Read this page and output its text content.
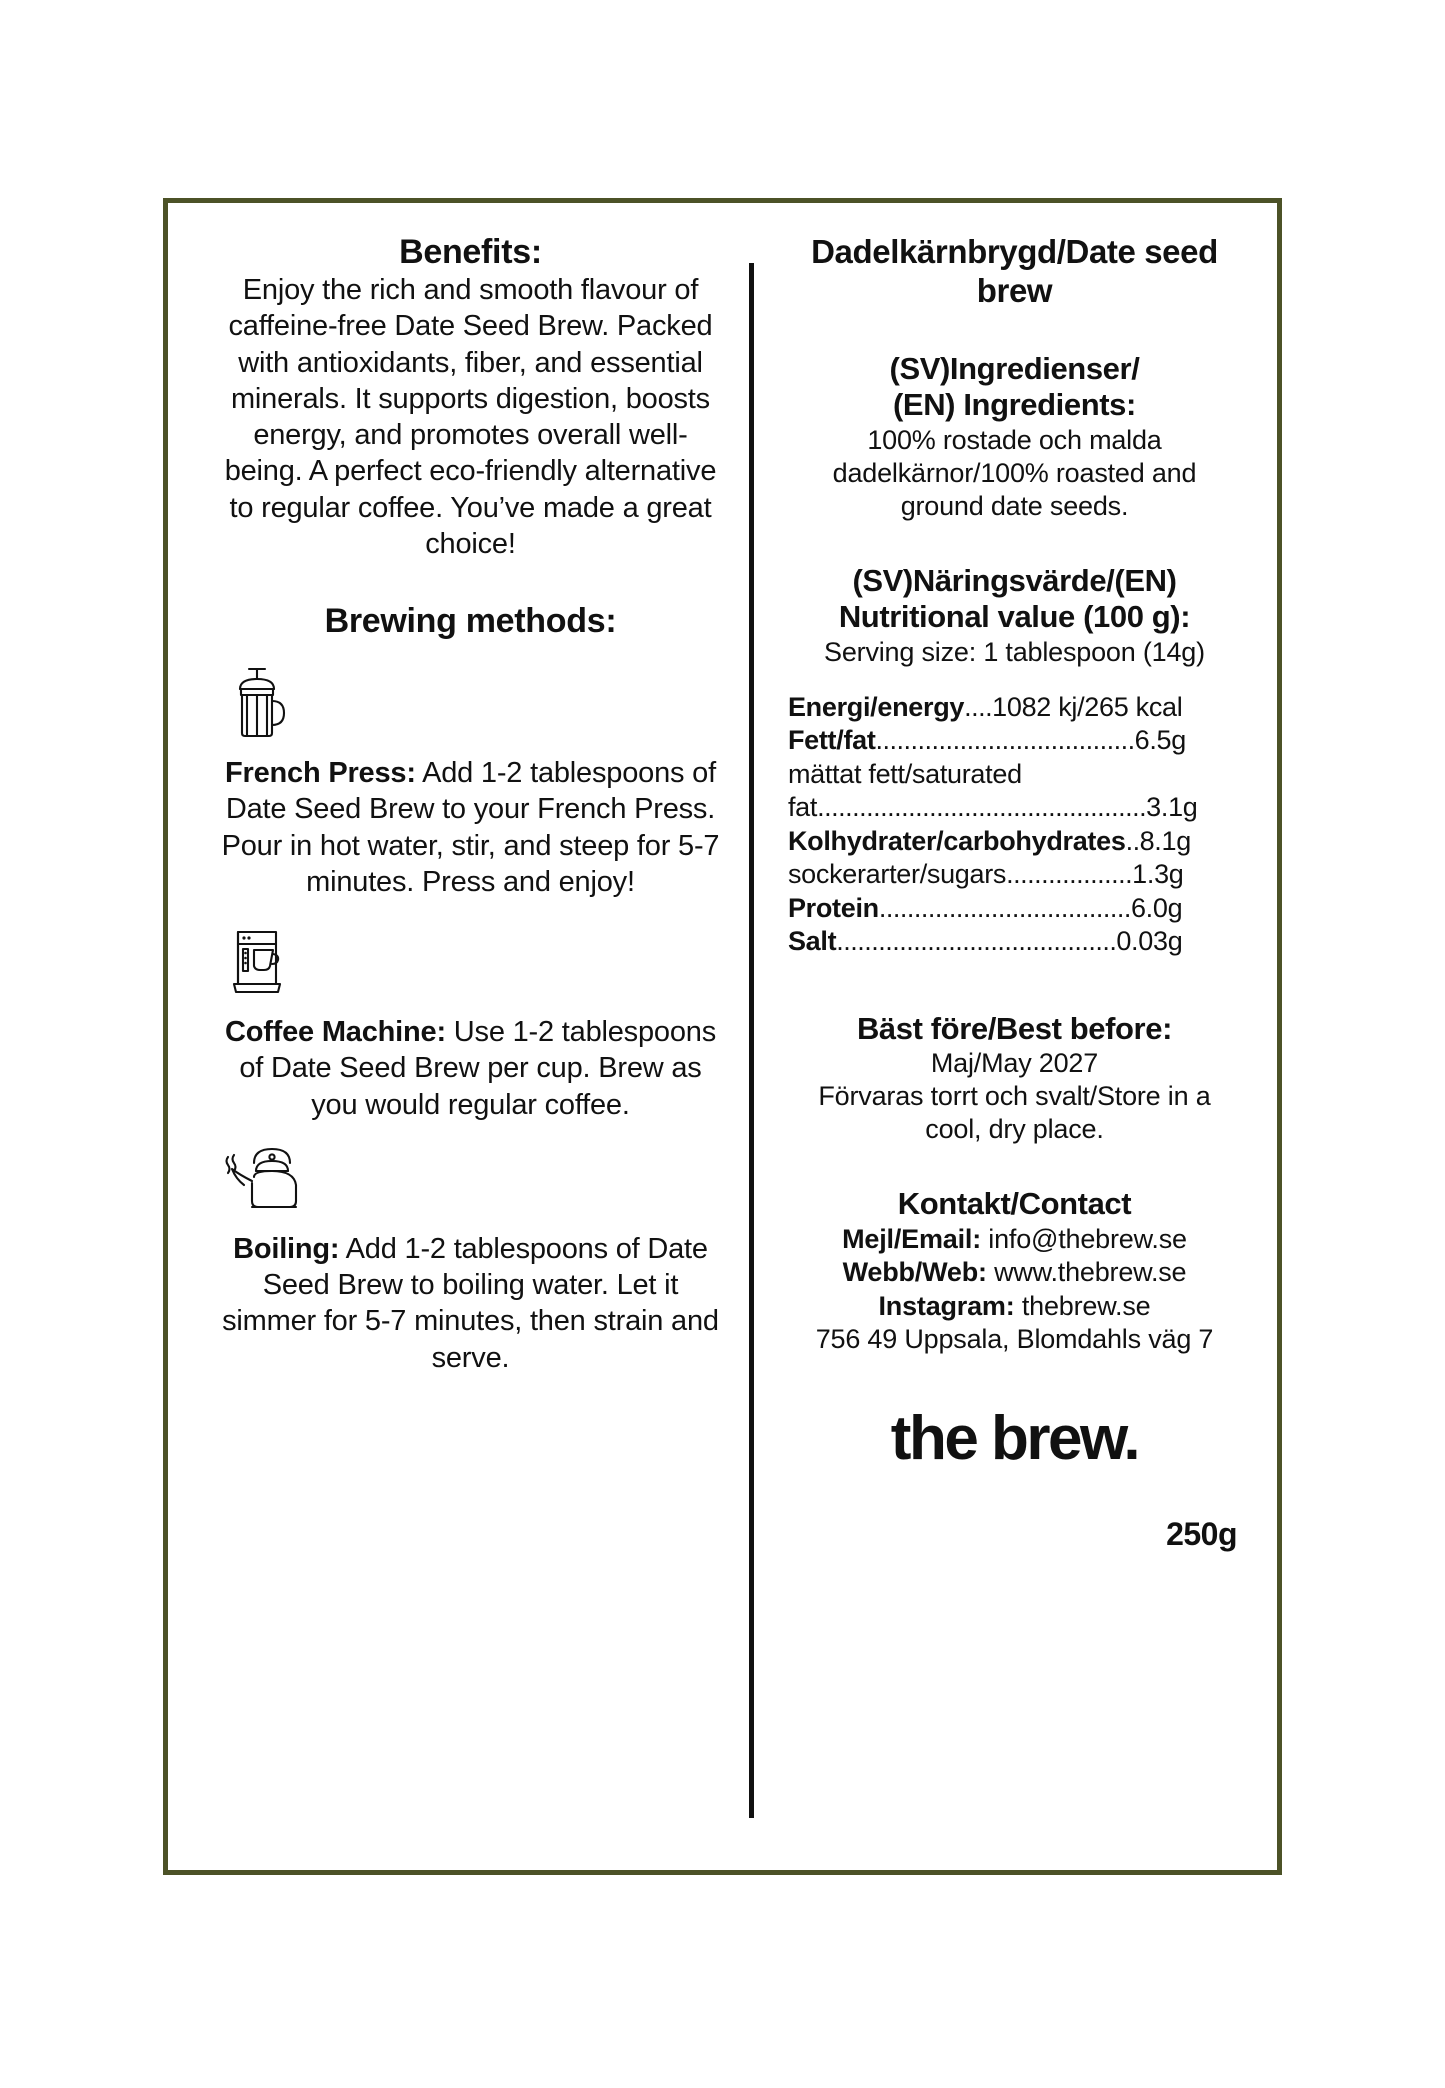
Benefits:

Enjoy the rich and smooth flavour of caffeine-free Date Seed Brew. Packed with antioxidants, fiber, and essential minerals. It supports digestion, boosts energy, and promotes overall well-being. A perfect eco-friendly alternative to regular coffee. You’ve made a great choice!

Brewing methods:

French Press: Add 1-2 tablespoons of Date Seed Brew to your French Press. Pour in hot water, stir, and steep for 5-7 minutes. Press and enjoy!

Coffee Machine: Use 1-2 tablespoons of Date Seed Brew per cup. Brew as you would regular coffee.

Boiling: Add 1-2 tablespoons of Date Seed Brew to boiling water. Let it simmer for 5-7 minutes, then strain and serve.

Dadelkärnbrygd/Date seed brew
(SV)Ingredienser/
(EN) Ingredients:

100% rostade och malda dadelkärnor/100% roasted and ground date seeds.

(SV)Näringsvärde/(EN)
Nutritional value (100 g):

Serving size: 1 tablespoon (14g)

Energi/energy....1082 kj/265 kcal
Fett/fat.....................................6.5g
mättat fett/saturated
fat...............................................3.1g
Kolhydrater/carbohydrates..8.1g
sockerarter/sugars..................1.3g
Protein....................................6.0g
Salt........................................0.03g
Bäst före/Best before:

Maj/May 2027

Förvaras torrt och svalt/Store in a cool, dry place.

Kontakt/Contact
Mejl/Email: info@thebrew.se
Webb/Web: www.thebrew.se
Instagram: thebrew.se
756 49 Uppsala, Blomdahls väg 7
the brew.
250g
